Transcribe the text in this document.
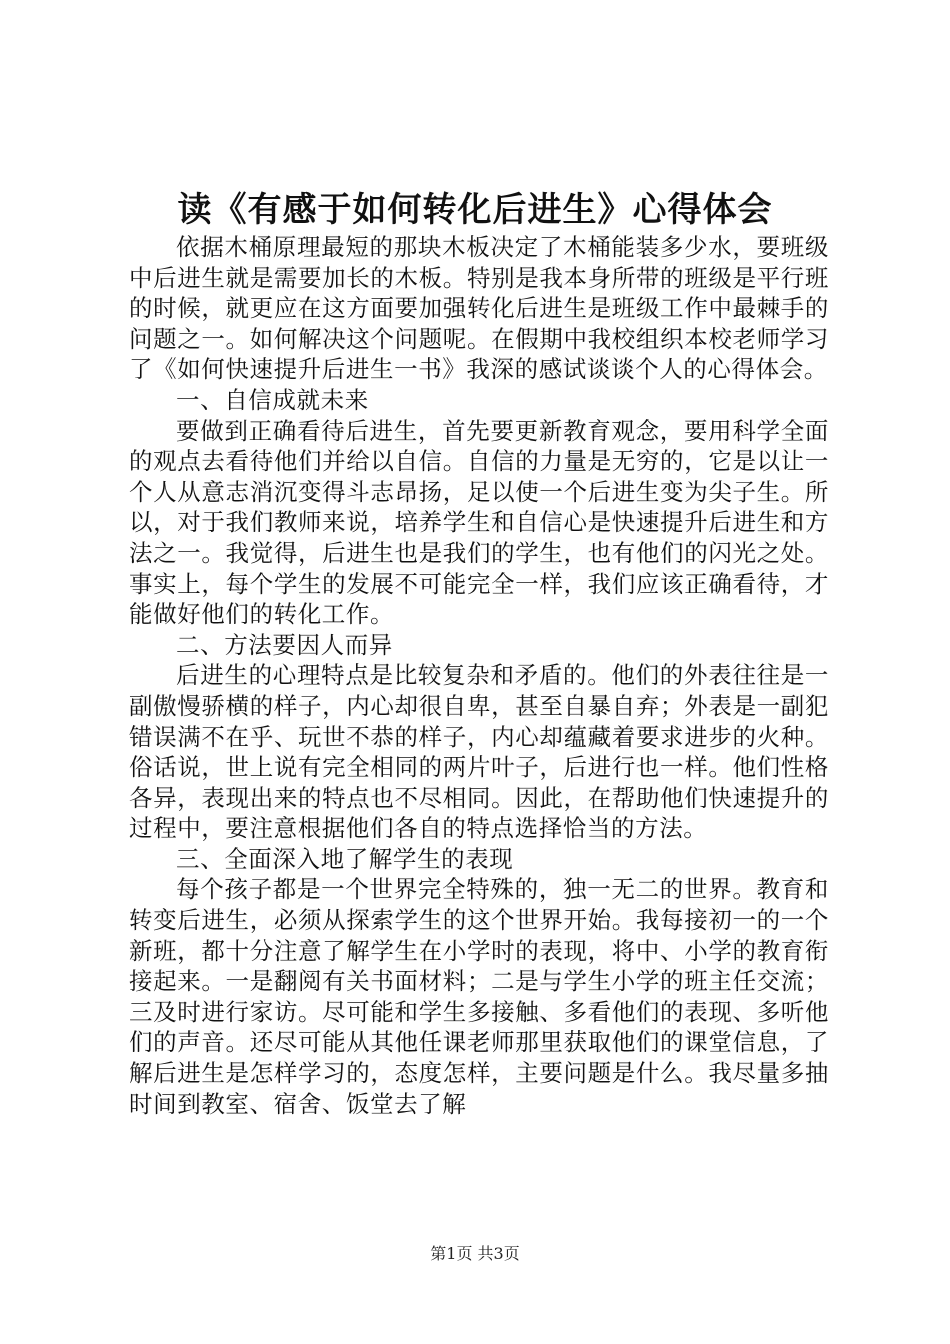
读《有感于如何转化后进生》心得体会

依据木桶原理最短的那块木板决定了木桶能装多少水，要班级中后进生就是需要加长的木板。特别是我本身所带的班级是平行班的时候，就更应在这方面要加强转化后进生是班级工作中最棘手的问题之一。如何解决这个问题呢。在假期中我校组织本校老师学习了《如何快速提升后进生一书》我深的感试谈谈个人的心得体会。

一、自信成就未来

要做到正确看待后进生，首先要更新教育观念，要用科学全面的观点去看待他们并给以自信。自信的力量是无穷的，它是以让一个人从意志消沉变得斗志昂扬，足以使一个后进生变为尖子生。所以，对于我们教师来说，培养学生和自信心是快速提升后进生和方法之一。我觉得，后进生也是我们的学生，也有他们的闪光之处。事实上，每个学生的发展不可能完全一样，我们应该正确看待，才能做好他们的转化工作。

二、方法要因人而异

后进生的心理特点是比较复杂和矛盾的。他们的外表往往是一副傲慢骄横的样子，内心却很自卑，甚至自暴自弃；外表是一副犯错误满不在乎、玩世不恭的样子，内心却蕴藏着要求进步的火种。俗话说，世上说有完全相同的两片叶子，后进行也一样。他们性格各异，表现出来的特点也不尽相同。因此，在帮助他们快速提升的过程中，要注意根据他们各自的特点选择恰当的方法。

三、全面深入地了解学生的表现

每个孩子都是一个世界完全特殊的，独一无二的世界。教育和转变后进生，必须从探索学生的这个世界开始。我每接初一的一个新班，都十分注意了解学生在小学时的表现，将中、小学的教育衔接起来。一是翻阅有关书面材料；二是与学生小学的班主任交流；三及时进行家访。尽可能和学生多接触、多看他们的表现、多听他们的声音。还尽可能从其他任课老师那里获取他们的课堂信息，了解后进生是怎样学习的，态度怎样，主要问题是什么。我尽量多抽时间到教室、宿舍、饭堂去了解

第1页 共3页
